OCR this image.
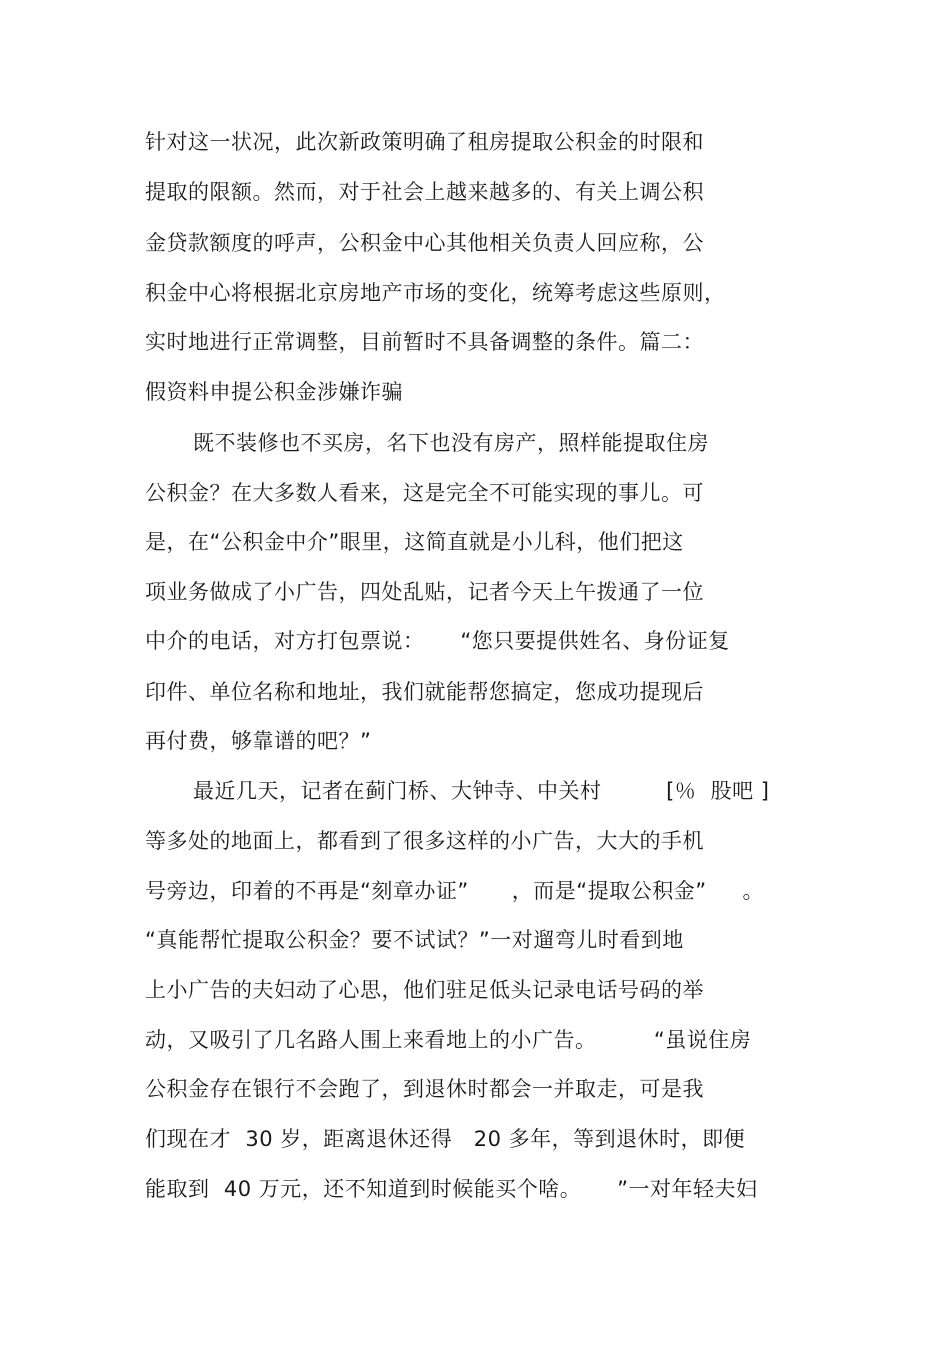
针对这一状况，此次新政策明确了租房提取公积金的时限和
提取的限额。然而，对于社会上越来越多的、有关上调公积
金贷款额度的呼声，公积金中心其他相关负责人回应称，公
积金中心将根据北京房地产市场的变化，统筹考虑这些原则，
实时地进行正常调整，目前暂时不具备调整的条件。篇二：
假资料申提公积金涉嫌诈骗
既不装修也不买房，名下也没有房产，照样能提取住房
公积金？在大多数人看来，这是完全不可能实现的事儿。可
是，在“公积金中介”眼里，这简直就是小儿科，他们把这
项业务做成了小广告，四处乱贴，记者今天上午拨通了一位
中介的电话，对方打包票说：     “您只要提供姓名、身份证复
印件、单位名称和地址，我们就能帮您搞定，您成功提现后
再付费，够靠谱的吧？”
最近几天，记者在蓟门桥、大钟寺、中关村         [％  股吧 ]
等多处的地面上，都看到了很多这样的小广告，大大的手机
号旁边，印着的不再是“刻章办证”      ，而是“提取公积金”     。
“真能帮忙提取公积金？要不试试？”一对遛弯儿时看到地
上小广告的夫妇动了心思，他们驻足低头记录电话号码的举
动，又吸引了几名路人围上来看地上的小广告。        “虽说住房
公积金存在银行不会跑了，到退休时都会一并取走，可是我
们现在才  30 岁，距离退休还得   20 多年，等到退休时，即便
能取到  40 万元，还不知道到时候能买个啥。     ”一对年轻夫妇
